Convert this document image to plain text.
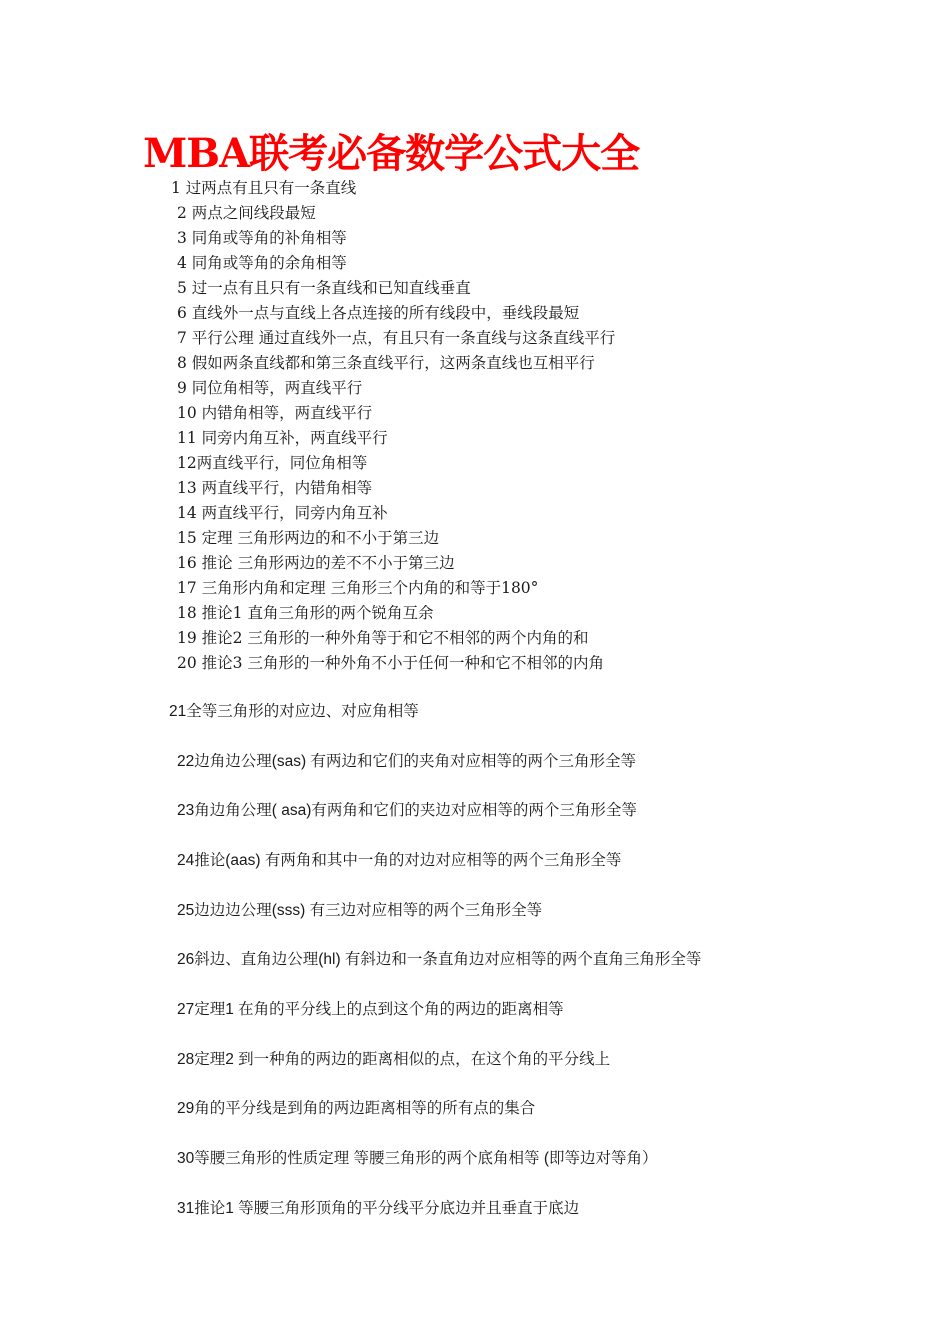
MBA联考必备数学公式大全
1 过两点有且只有一条直线
2 两点之间线段最短
3 同角或等角的补角相等
4 同角或等角的余角相等
5 过一点有且只有一条直线和已知直线垂直
6 直线外一点与直线上各点连接的所有线段中，垂线段最短
7 平行公理 通过直线外一点，有且只有一条直线与这条直线平行
8 假如两条直线都和第三条直线平行，这两条直线也互相平行
9 同位角相等，两直线平行
10 内错角相等，两直线平行
11 同旁内角互补，两直线平行
12两直线平行，同位角相等
13 两直线平行，内错角相等
14 两直线平行，同旁内角互补
15 定理 三角形两边的和不小于第三边
16 推论 三角形两边的差不不小于第三边
17 三角形内角和定理 三角形三个内角的和等于180°
18 推论1 直角三角形的两个锐角互余
19 推论2 三角形的一种外角等于和它不相邻的两个内角的和
20 推论3 三角形的一种外角不小于任何一种和它不相邻的内角
21全等三角形的对应边、对应角相等
22边角边公理(sas) 有两边和它们的夹角对应相等的两个三角形全等
23角边角公理( asa)有两角和它们的夹边对应相等的两个三角形全等
24推论(aas) 有两角和其中一角的对边对应相等的两个三角形全等
25边边边公理(sss) 有三边对应相等的两个三角形全等
26斜边、直角边公理(hl) 有斜边和一条直角边对应相等的两个直角三角形全等
27定理1 在角的平分线上的点到这个角的两边的距离相等
28定理2 到一种角的两边的距离相似的点，在这个角的平分线上
29角的平分线是到角的两边距离相等的所有点的集合
30等腰三角形的性质定理 等腰三角形的两个底角相等 (即等边对等角）
31推论1 等腰三角形顶角的平分线平分底边并且垂直于底边
